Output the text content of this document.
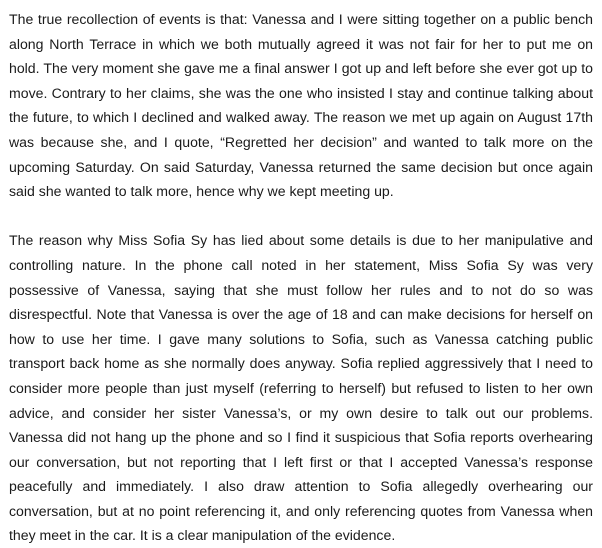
The true recollection of events is that: Vanessa and I were sitting together on a public bench along North Terrace in which we both mutually agreed it was not fair for her to put me on hold. The very moment she gave me a final answer I got up and left before she ever got up to move. Contrary to her claims, she was the one who insisted I stay and continue talking about the future, to which I declined and walked away. The reason we met up again on August 17th was because she, and I quote, “Regretted her decision” and wanted to talk more on the upcoming Saturday. On said Saturday, Vanessa returned the same decision but once again said she wanted to talk more, hence why we kept meeting up.

The reason why Miss Sofia Sy has lied about some details is due to her manipulative and controlling nature. In the phone call noted in her statement, Miss Sofia Sy was very possessive of Vanessa, saying that she must follow her rules and to not do so was disrespectful. Note that Vanessa is over the age of 18 and can make decisions for herself on how to use her time. I gave many solutions to Sofia, such as Vanessa catching public transport back home as she normally does anyway. Sofia replied aggressively that I need to consider more people than just myself (referring to herself) but refused to listen to her own advice, and consider her sister Vanessa’s, or my own desire to talk out our problems. Vanessa did not hang up the phone and so I find it suspicious that Sofia reports overhearing our conversation, but not reporting that I left first or that I accepted Vanessa’s response peacefully and immediately. I also draw attention to Sofia allegedly overhearing our conversation, but at no point referencing it, and only referencing quotes from Vanessa when they meet in the car. It is a clear manipulation of the evidence.
